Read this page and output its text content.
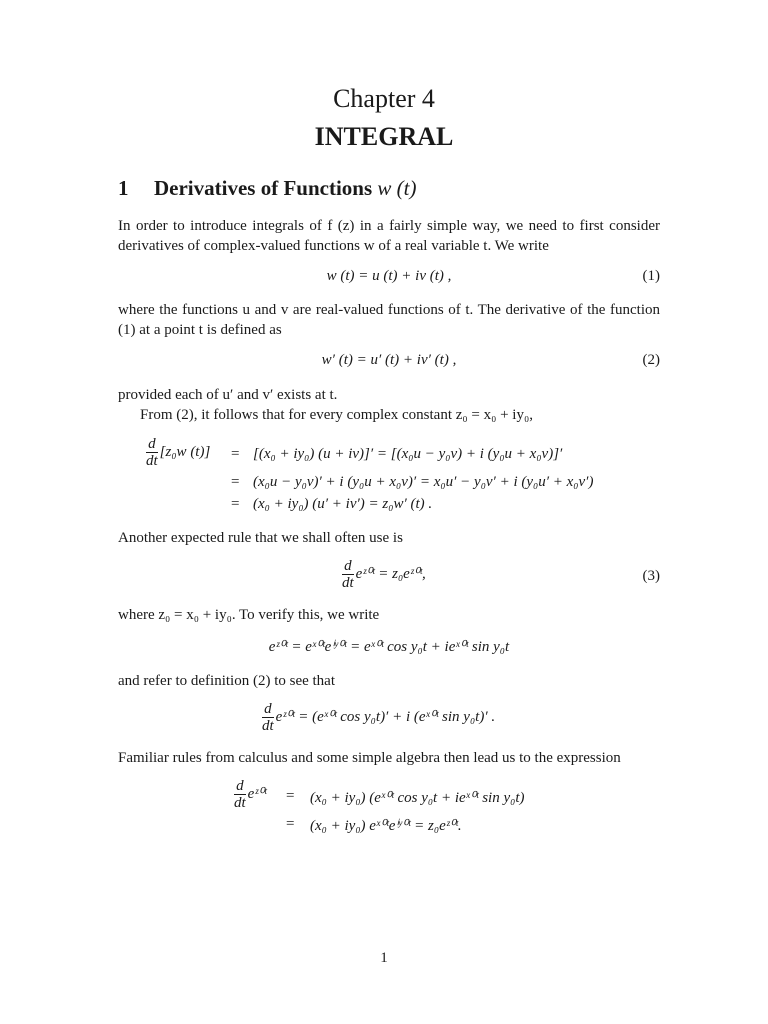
Chapter 4
INTEGRAL
1 Derivatives of Functions w (t)
In order to introduce integrals of f (z) in a fairly simple way, we need to first consider derivatives of complex-valued functions w of a real variable t. We write
w (t) = u (t) + iv (t) ,	(1)
where the functions u and v are real-valued functions of t. The derivative of the function (1) at a point t is defined as
w′ (t) = u′ (t) + iv′ (t) ,	(2)
provided each of u′ and v′ exists at t.
From (2), it follows that for every complex constant z₀ = x₀ + iy₀,
$\frac{d}{dt} [z_0w$ (t)] = [(x₀ + iy₀) (u + iv)]′ = [(x₀u − y₀v) + i (y₀u + x₀v)]′
= (x₀u − y₀v)′ + i (y₀u + x₀v)′ = x₀u′ − y₀v′ + i (y₀u′ + x₀v′)
= (x₀ + iy₀) (u′ + iv′) = z₀w′ (t) .
Another expected rule that we shall often use is
$\frac{d}{dt}$ eᶻ⁰ᵗ = z₀eᶻ⁰ᵗ,	(3)
where z₀ = x₀ + iy₀. To verify this, we write
eᶻ⁰ᵗ = eˣ⁰ᵗeⁱʸ⁰ᵗ = eˣ⁰ᵗ cos y₀t + ieˣ⁰ᵗ sin y₀t
and refer to definition (2) to see that
$\frac{d}{dt}$ eᶻ⁰ᵗ = (eˣ⁰ᵗ cos y₀t)′ + i (eˣ⁰ᵗ sin y₀t)′ .
Familiar rules from calculus and some simple algebra then lead us to the expression
$\frac{d}{dt}$ eᶻ⁰ᵗ = (x₀ + iy₀) (eˣ⁰ᵗ cos y₀t + ieˣ⁰ᵗ sin y₀t)
= (x₀ + iy₀) eˣ⁰ᵗeⁱʸ⁰ᵗ = z₀eᶻ⁰ᵗ.
1
